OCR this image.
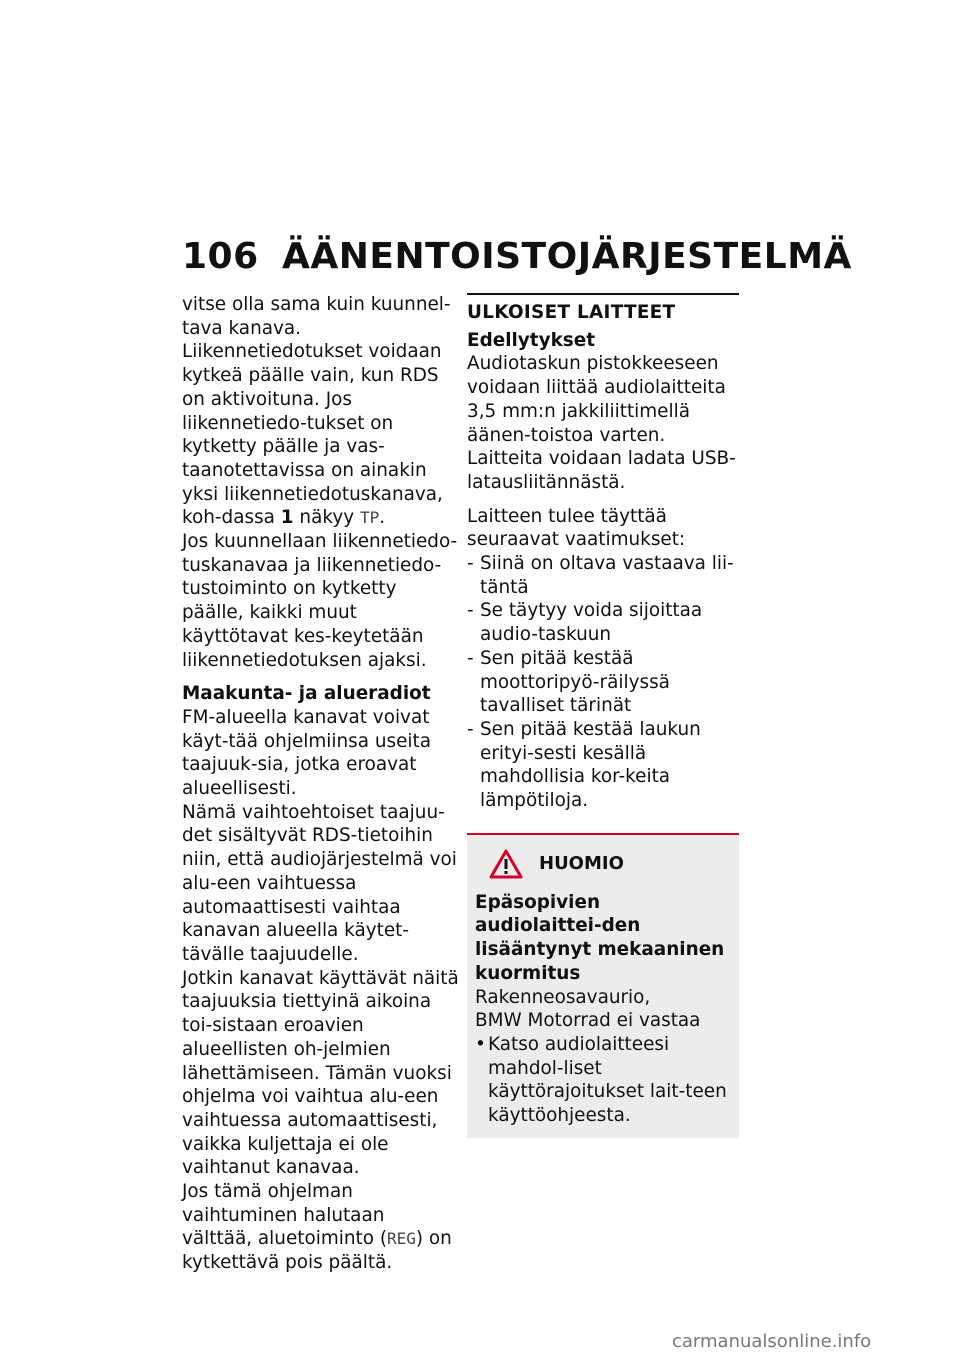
106 ÄÄNENTOISTOJÄRJESTELMÄ

vitse olla sama kuin kuunnel-tava kanava.

Liikennetiedotukset voidaan kytkeä päälle vain, kun RDS on aktivoituna. Jos liikennetiedo-tukset on kytketty päälle ja vas-taanotettavissa on ainakin yksi liikennetiedotuskanava, koh-dassa 1 näkyy TP.

Jos kuunnellaan liikennetiedo-tuskanavaa ja liikennetiedo-tustoiminto on kytketty päälle, kaikki muut käyttötavat kes-keytetään liikennetiedotuksen ajaksi.

Maakunta- ja alueradiot

FM-alueella kanavat voivat käyt-tää ohjelmiinsa useita taajuuk-sia, jotka eroavat alueellisesti.

Nämä vaihtoehtoiset taajuu-det sisältyvät RDS-tietoihin niin, että audiojärjestelmä voi alu-een vaihtuessa automaattisesti vaihtaa kanavan alueella käytet-tävälle taajuudelle.

Jotkin kanavat käyttävät näitä taajuuksia tiettyinä aikoina toi-sistaan eroavien alueellisten oh-jelmien lähettämiseen. Tämän vuoksi ohjelma voi vaihtua alu-een vaihtuessa automaattisesti, vaikka kuljettaja ei ole vaihtanut kanavaa.

Jos tämä ohjelman vaihtuminen halutaan välttää, aluetoiminto (REG) on kytkettävä pois päältä.

ULKOISET LAITTEET

Edellytykset

Audiotaskun pistokkeeseen voidaan liittää audiolaitteita 3,5 mm:n jakkiliittimellä äänen-toistoa varten. Laitteita voidaan ladata USB-latausliitännästä.

Laitteen tulee täyttää seuraavat vaatimukset:

- Siinä on oltava vastaava lii-täntä
- Se täytyy voida sijoittaa audio-taskuun
- Sen pitää kestää moottoripyö-räilyssä tavalliset tärinät
- Sen pitää kestää laukun erityi-sesti kesällä mahdollisia kor-keita lämpötiloja.
HUOMIO

Epäsopivien audiolaittei-den lisääntynyt mekaaninen kuormitus

Rakenneosavaurio,

BMW Motorrad ei vastaa

• Katso audiolaitteesi mahdol-liset käyttörajoitukset lait-teen käyttöohjeesta.
carmanualsonline.info
